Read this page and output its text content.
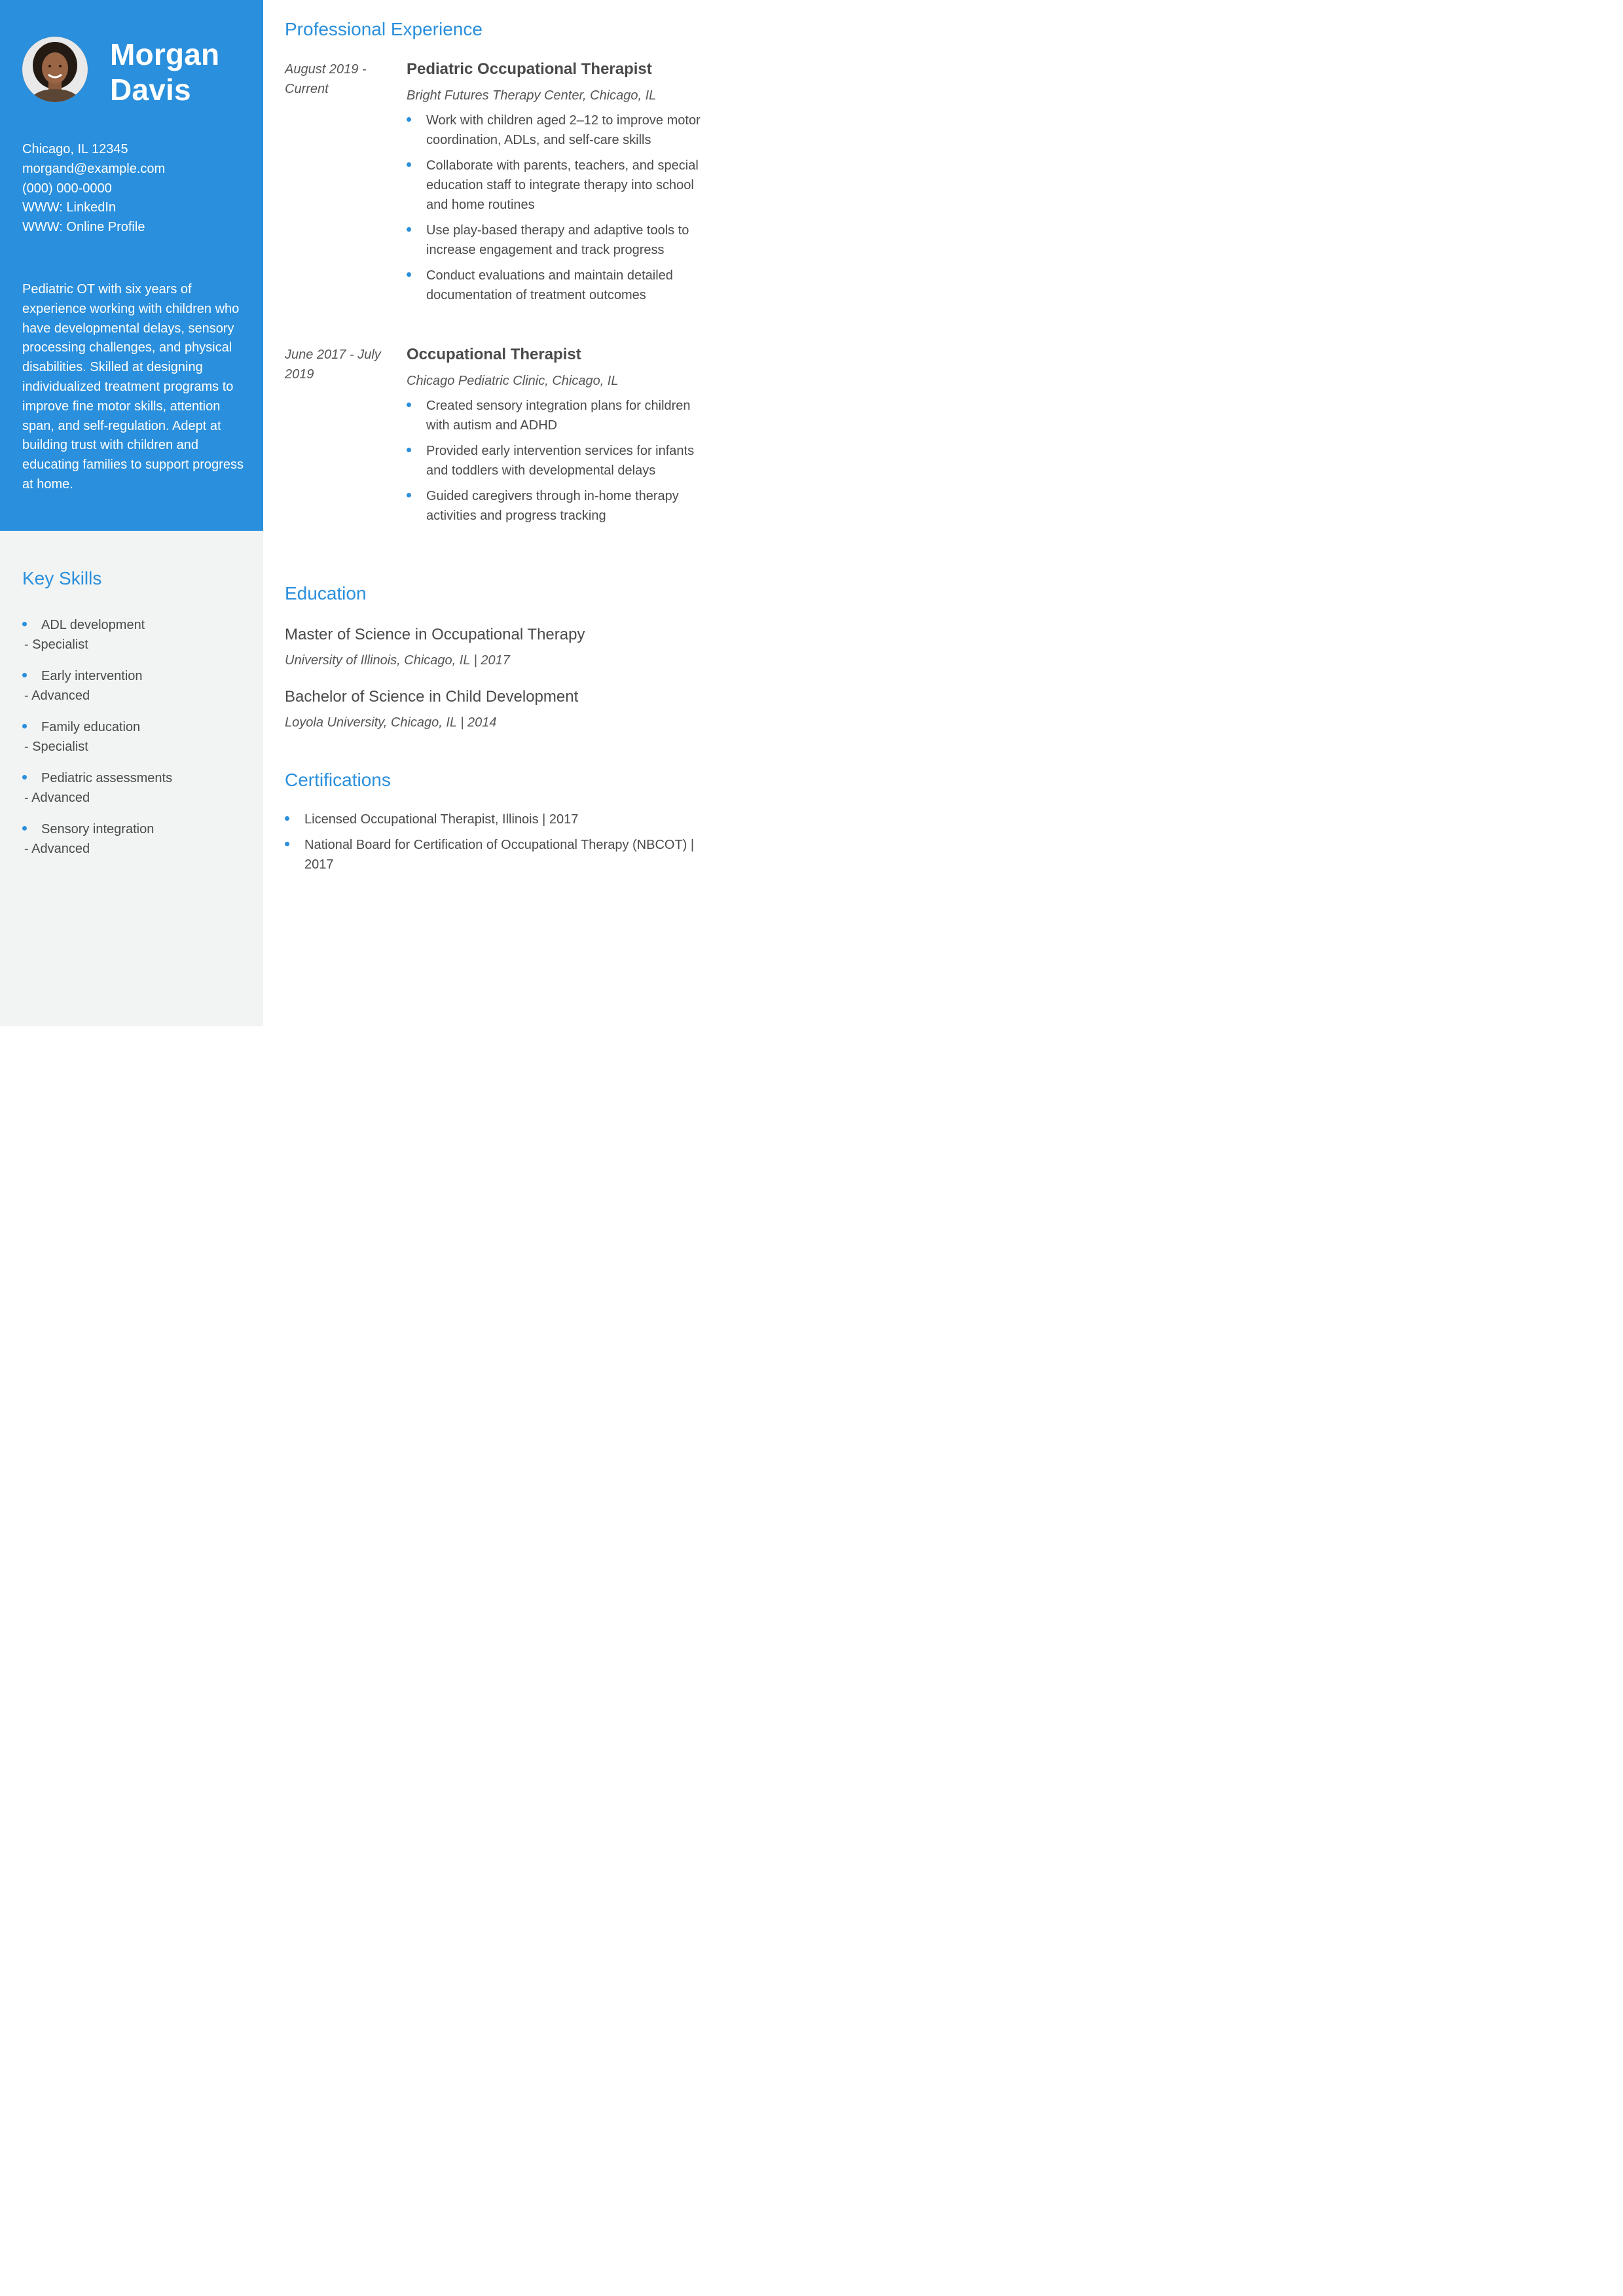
Morgan
Davis
Chicago, IL 12345
morgand@example.com
(000) 000-0000
WWW: LinkedIn
WWW: Online Profile

Pediatric OT with six years of experience working with children who have developmental delays, sensory processing challenges, and physical disabilities. Skilled at designing individualized treatment programs to improve fine motor skills, attention span, and self-regulation. Adept at building trust with children and educating families to support progress at home.

Key Skills
ADL development
- Specialist
Early intervention
- Advanced
Family education
- Specialist
Pediatric assessments
- Advanced
Sensory integration
- Advanced
Professional Experience
August 2019 - Current
Pediatric Occupational Therapist
Bright Futures Therapy Center, Chicago, IL
Work with children aged 2–12 to improve motor coordination, ADLs, and self-care skills
Collaborate with parents, teachers, and special education staff to integrate therapy into school and home routines
Use play-based therapy and adaptive tools to increase engagement and track progress
Conduct evaluations and maintain detailed documentation of treatment outcomes
June 2017 - July 2019
Occupational Therapist
Chicago Pediatric Clinic, Chicago, IL
Created sensory integration plans for children with autism and ADHD
Provided early intervention services for infants and toddlers with developmental delays
Guided caregivers through in-home therapy activities and progress tracking
Education
Master of Science in Occupational Therapy
University of Illinois, Chicago, IL | 2017
Bachelor of Science in Child Development
Loyola University, Chicago, IL | 2014
Certifications
Licensed Occupational Therapist, Illinois | 2017
National Board for Certification of Occupational Therapy (NBCOT) | 2017
